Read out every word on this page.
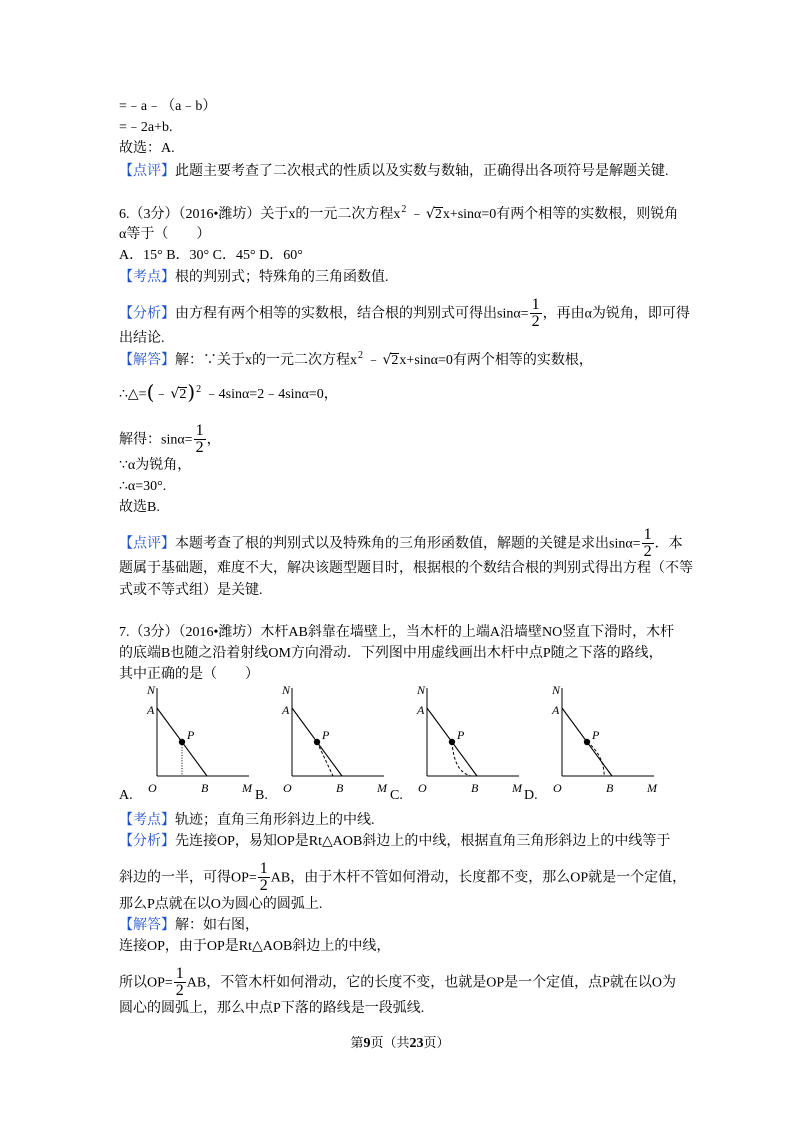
=﹣a﹣（a﹣b）
=﹣2a+b.
故选：A.
【点评】此题主要考查了二次根式的性质以及实数与数轴，正确得出各项符号是解题关键.
6.（3分）（2016•潍坊）关于x的一元二次方程$x^2$ ﹣ √2x+sinα=0有两个相等的实数根，则锐角
α等于（　　）
A．15° B．30° C．45° D．60°
【考点】根的判别式；特殊角的三角函数值.
【分析】由方程有两个相等的实数根，结合根的判别式可得出$\sin\alpha= \frac{1}{2}$ ，再由α为锐角，即可得
出结论.
【解答】解：∵关于x的一元二次方程$x^2$ ﹣ √2x+sinα=0有两个相等的实数根，
∴△=(﹣ √2)$^2$ ﹣4sinα=2﹣4sinα=0，
解得：$\sin\alpha= \frac{1}{2}$ ，
∵α为锐角，
∴α=30°.
故选B.
【点评】本题考查了根的判别式以及特殊角的三角形函数值，解题的关键是求出$\sin\alpha= \frac{1}{2}$ ．本
题属于基础题，难度不大，解决该题型题目时，根据根的个数结合根的判别式得出方程（不等
式或不等式组）是关键.
7.（3分）（2016•潍坊）木杆AB斜靠在墙壁上，当木杆的上端A沿墙壁NO竖直下滑时，木杆
的底端B也随之沿着射线OM方向滑动．下列图中用虚线画出木杆中点P随之下落的路线，
其中正确的是（　　）
N
A
P
O	B	M
A.
N
A
P
O	B	M
B.
N
A
P
O	B	M
C.
N
A
P
O	B	M
D.
【考点】轨迹；直角三角形斜边上的中线.
【分析】先连接OP，易知OP是Rt△AOB斜边上的中线，根据直角三角形斜边上的中线等于
斜边的一半，可得$OP= \frac{1}{2}$ AB，由于木杆不管如何滑动，长度都不变，那么OP就是一个定值，
那么P点就在以O为圆心的圆弧上.
【解答】解：如右图，
连接OP，由于OP是Rt△AOB斜边上的中线，
所以$OP= \frac{1}{2}$ AB，不管木杆如何滑动，它的长度不变，也就是OP是一个定值，点P就在以O为
圆心的圆弧上，那么中点P下落的路线是一段弧线.
第9页（共23页）
